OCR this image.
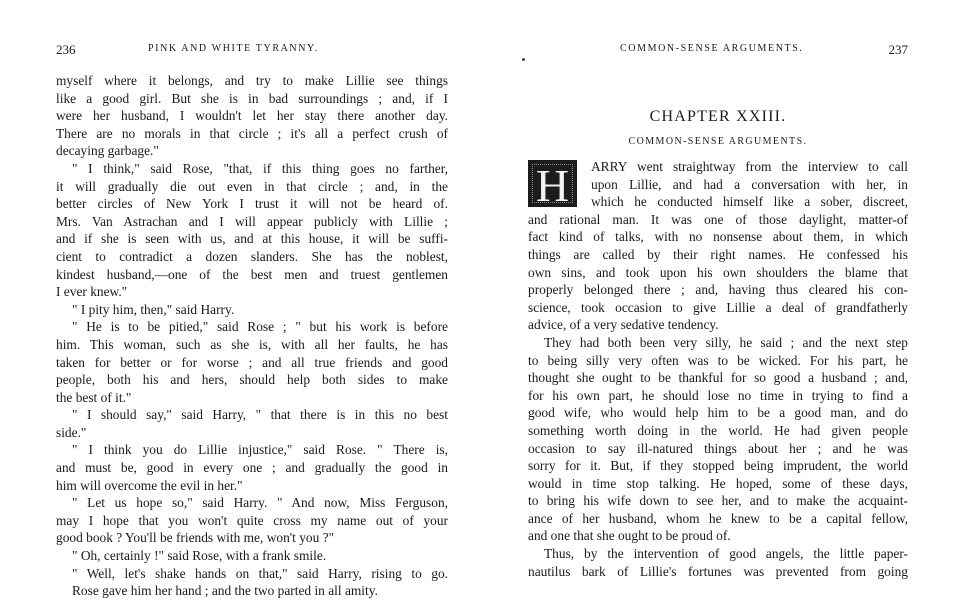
236	PINK AND WHITE TYRANNY.
myself where it belongs, and try to make Lillie see things
like a good girl. But she is in bad surroundings ; and, if I
were her husband, I wouldn't let her stay there another day.
There are no morals in that circle ; it's all a perfect crush of
decaying garbage."
" I think," said Rose, "that, if this thing goes no farther,
it will gradually die out even in that circle ; and, in the
better circles of New York I trust it will not be heard of.
Mrs. Van Astrachan and I will appear publicly with Lillie ;
and if she is seen with us, and at this house, it will be suffi-
cient to contradict a dozen slanders. She has the noblest,
kindest husband,—one of the best men and truest gentlemen
I ever knew."
" I pity him, then," said Harry.
" He is to be pitied," said Rose ; " but his work is before
him. This woman, such as she is, with all her faults, he has
taken for better or for worse ; and all true friends and good
people, both his and hers, should help both sides to make
the best of it."
" I should say," said Harry, " that there is in this no best
side."
" I think you do Lillie injustice," said Rose. " There is,
and must be, good in every one ; and gradually the good in
him will overcome the evil in her."
" Let us hope so," said Harry. " And now, Miss Ferguson,
may I hope that you won't quite cross my name out of your
good book ? You'll be friends with me, won't you ?"
" Oh, certainly !" said Rose, with a frank smile.
" Well, let's shake hands on that," said Harry, rising to go.
Rose gave him her hand ; and the two parted in all amity.
COMMON-SENSE ARGUMENTS.	237
CHAPTER XXIII.
COMMON-SENSE ARGUMENTS.
H	ARRY went straightway from the interview to call
upon Lillie, and had a conversation with her, in
which he conducted himself like a sober, discreet,
and rational man. It was one of those daylight, matter-of
fact kind of talks, with no nonsense about them, in which
things are called by their right names. He confessed his
own sins, and took upon his own shoulders the blame that
properly belonged there ; and, having thus cleared his con-
science, took occasion to give Lillie a deal of grandfatherly
advice, of a very sedative tendency.
They had both been very silly, he said ; and the next step
to being silly very often was to be wicked. For his part, he
thought she ought to be thankful for so good a husband ; and,
for his own part, he should lose no time in trying to find a
good wife, who would help him to be a good man, and do
something worth doing in the world. He had given people
occasion to say ill-natured things about her ; and he was
sorry for it. But, if they stopped being imprudent, the world
would in time stop talking. He hoped, some of these days,
to bring his wife down to see her, and to make the acquaint-
ance of her husband, whom he knew to be a capital fellow,
and one that she ought to be proud of.
Thus, by the intervention of good angels, the little paper-
nautilus bark of Lillie's fortunes was prevented from going
